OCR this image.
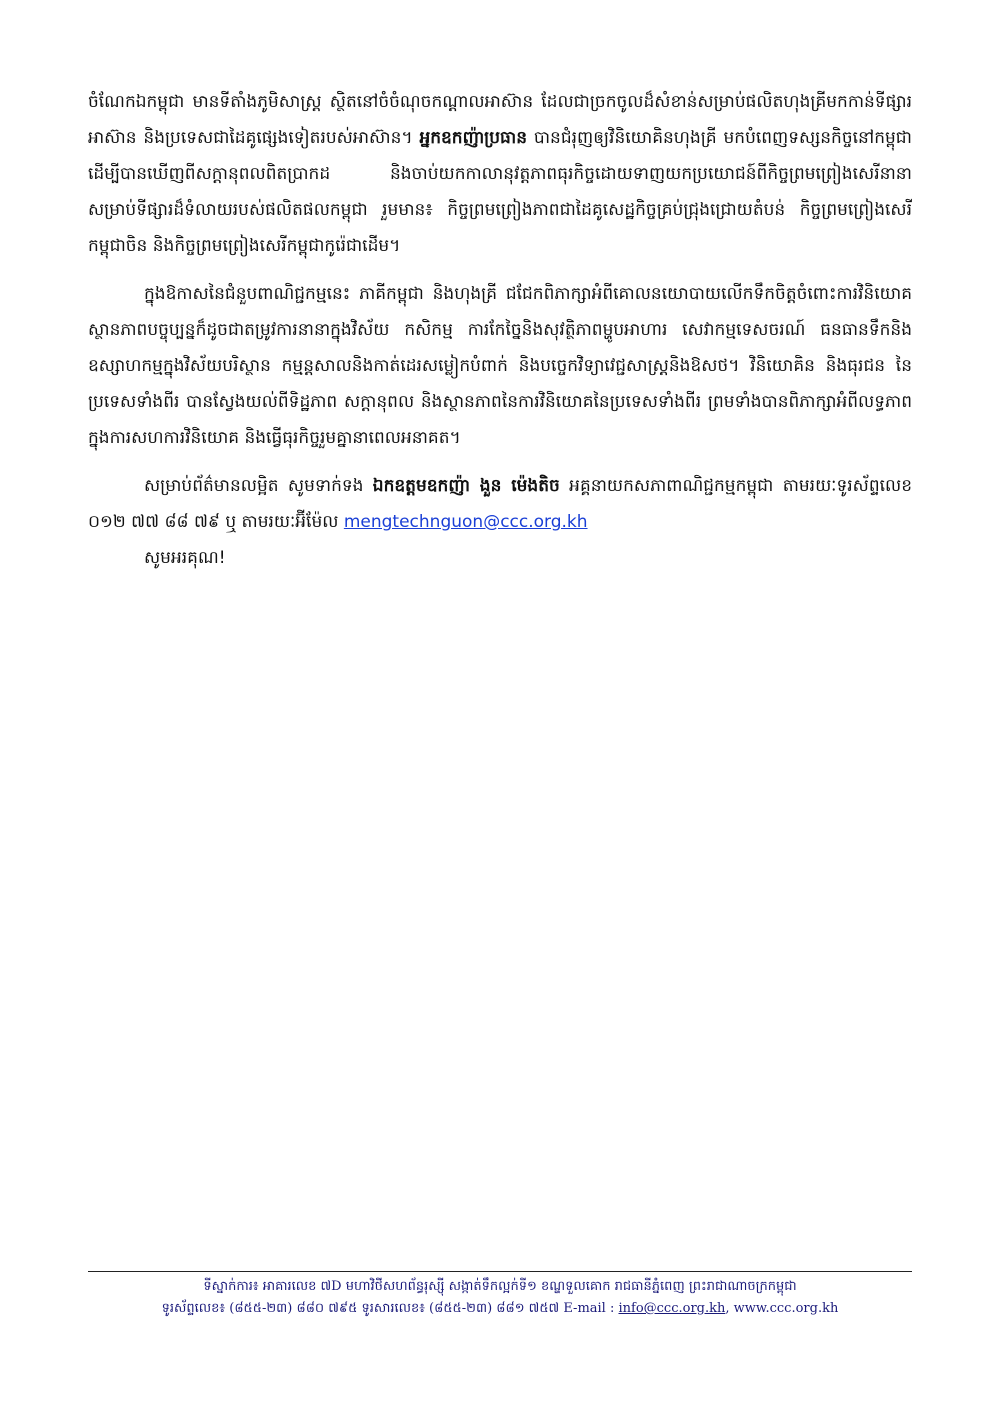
ចំណែកឯកម្ពុជា មានទីតាំងភូមិសាស្ត្រ ស្ថិតនៅចំចំណុចកណ្តាលអាស៊ាន ដែលជាច្រកចូលដ៏សំខាន់សម្រាប់ផលិតហុងគ្រីមកកាន់ទីផ្សារអាស៊ាន និងប្រទេសជាដៃគូផ្សេងទៀតរបស់អាស៊ាន។ អ្នកឧកញ៉ាប្រធាន បានជំរុញឲ្យវិនិយោគិនហុងគ្រី មកបំពេញទស្សនកិច្ចនៅកម្ពុជា ដើម្បីបានឃើញពីសក្តានុពលពិតប្រាកដ និងចាប់យកកាលានុវត្តភាពធុរកិច្ចដោយទាញយកប្រយោជន៍ពីកិច្ចព្រមព្រៀងសេរីនានា សម្រាប់ទីផ្សារដ៏ទំលាយរបស់ផលិតផលកម្ពុជា រួមមាន៖ កិច្ចព្រមព្រៀងភាពជាដៃគូសេដ្ឋកិច្ចគ្រប់ជ្រុងជ្រោយតំបន់ កិច្ចព្រមព្រៀងសេរីកម្ពុជាចិន និងកិច្ចព្រមព្រៀងសេរីកម្ពុជាកូរ៉េជាដើម។
ក្នុងឱកាសនៃជំនួបពាណិជ្ជកម្មនេះ ភាគីកម្ពុជា និងហុងគ្រី ជជែកពិភាក្សាអំពីគោលនយោបាយលើកទឹកចិត្តចំពោះការវិនិយោគ ស្ថានភាពបច្ចុប្បន្នក៏ដូចជាតម្រូវការនានាក្នុងវិស័យ កសិកម្ម ការកែច្នៃនិងសុវត្ថិភាពម្ហូបអាហារ សេវាកម្មទេសចរណ៍ ធនធានទឹកនិងឧស្សាហកម្មក្នុងវិស័យបរិស្ថាន កម្មន្តសាលនិងកាត់ដេរសម្លៀកបំពាក់ និងបច្ចេកវិទ្យាវេជ្ជសាស្ត្រនិងឱសថ។ វិនិយោគិន និងធុរជន នៃប្រទេសទាំងពីរ បានស្វែងយល់ពីទិដ្ឋភាព សក្តានុពល និងស្ថានភាពនៃការវិនិយោគនៃប្រទេសទាំងពីរ ព្រមទាំងបានពិភាក្សាអំពីលទ្ធភាពក្នុងការសហការវិនិយោគ និងធ្វើធុរកិច្ចរួមគ្នានាពេលអនាគត។
សម្រាប់ព័ត៌មានលម្អិត សូមទាក់ទង ឯកឧត្តមឧកញ៉ា ងួន ម៉េងតិច អគ្គនាយកសភាពាណិជ្ជកម្មកម្ពុជា តាមរយៈទូរស័ព្ទលេខ ០១២ ៧៧ ៨៨ ៧៩ ឬ តាមរយៈអ៊ីម៉ែល mengtechnguon@ccc.org.kh

សូមអរគុណ!

ទីស្នាក់ការ៖ អាគារលេខ ៧D មហាវិថីសហព័ន្ធរុស្ស៊ី សង្កាត់ទឹកល្អក់ទី១ ខណ្ឌទួលគោក រាជធានីភ្នំពេញ ព្រះរាជាណាចក្រកម្ពុជា
ទូរស័ព្ទលេខ៖ (៨៥៥-២៣) ៨៨០ ៧៩៥ ទូរសារលេខ៖ (៨៥៥-២៣) ៨៨១ ៧៥៧ E-mail : info@ccc.org.kh, www.ccc.org.kh
